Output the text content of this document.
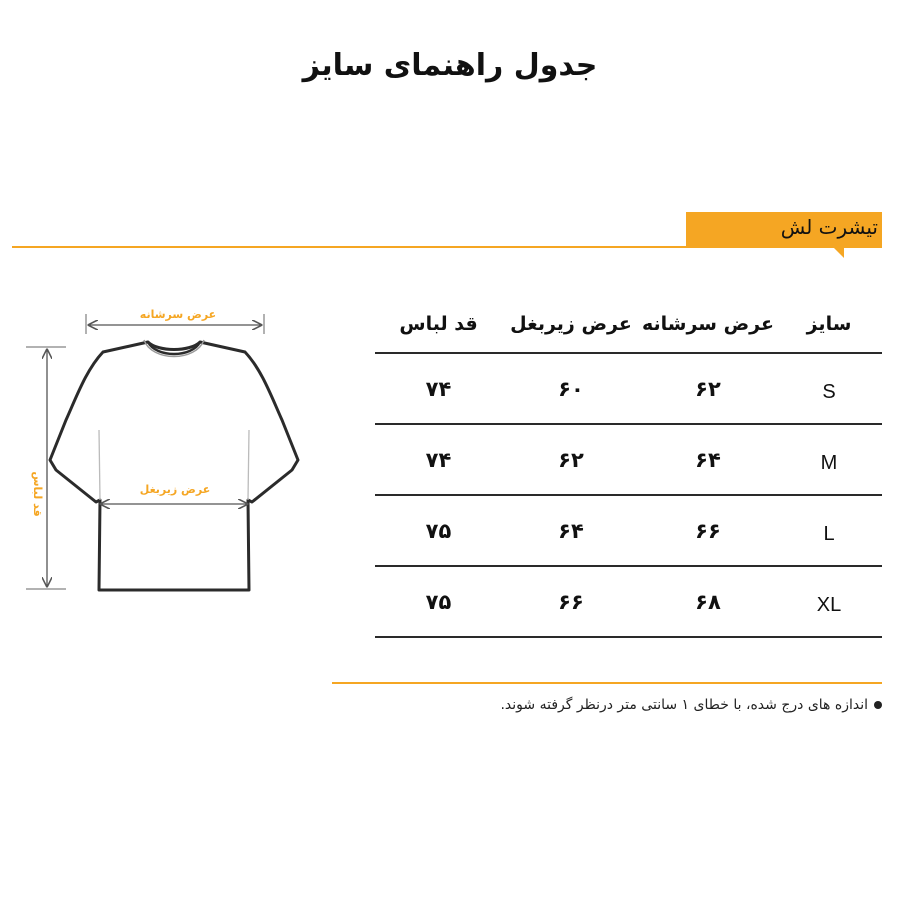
جدول راهنمای سایز
تیشرت لش
عرض سرشانه
عرض زیربغل
قد لباس
سایز	عرض سرشانه	عرض زیربغل	قد لباس
S	۶۲	۶۰	۷۴
M	۶۴	۶۲	۷۴
L	۶۶	۶۴	۷۵
XL	۶۸	۶۶	۷۵
اندازه های درج شده، با خطای ۱ سانتی متر درنظر گرفته شوند.
